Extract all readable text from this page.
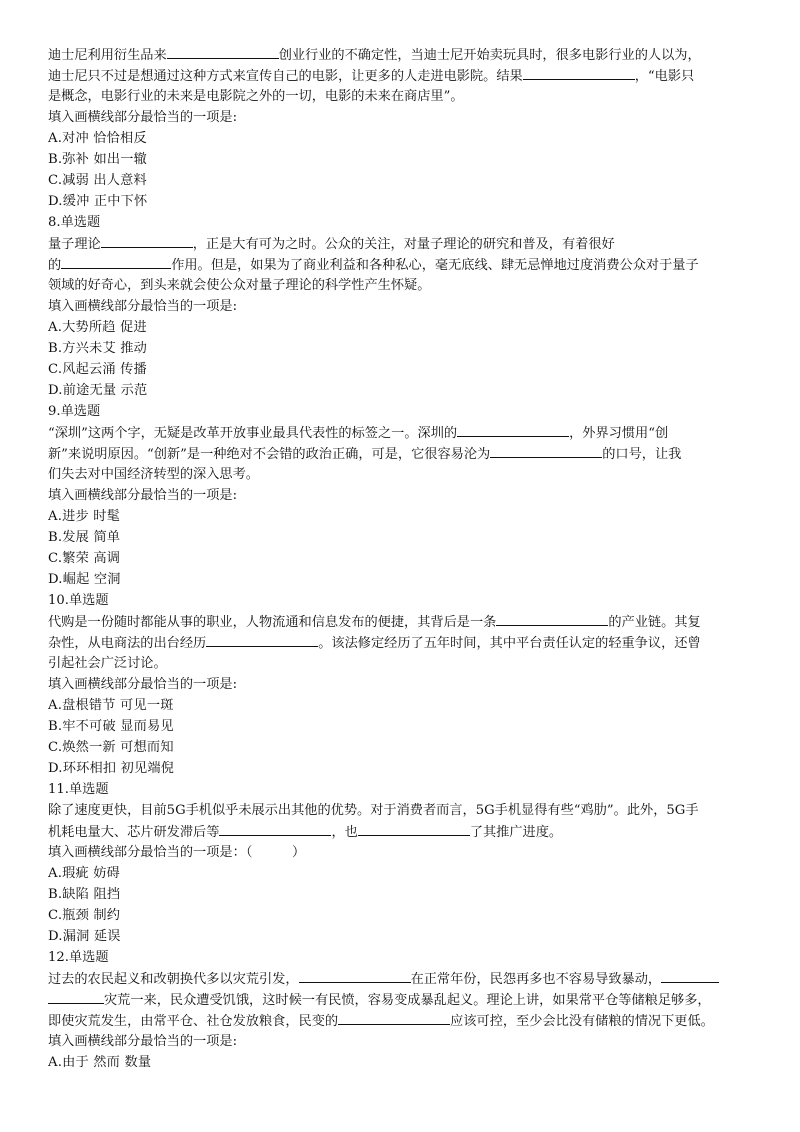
迪士尼利用衍生品来	创业行业的不确定性，当迪士尼开始卖玩具时，很多电影行业的人以为，
迪士尼只不过是想通过这种方式来宣传自己的电影，让更多的人走进电影院。结果	，“电影只
是概念，电影行业的未来是电影院之外的一切，电影的未来在商店里”。
填入画横线部分最恰当的一项是:
A.对冲 恰恰相反
B.弥补 如出一辙
C.减弱 出人意料
D.缓冲 正中下怀
8.单选题
量子理论	，正是大有可为之时。公众的关注，对量子理论的研究和普及，有着很好
的	作用。但是，如果为了商业利益和各种私心，毫无底线、肆无忌惮地过度消费公众对于量子
领域的好奇心，到头来就会使公众对量子理论的科学性产生怀疑。
填入画横线部分最恰当的一项是:
A.大势所趋 促进
B.方兴未艾 推动
C.风起云涌 传播
D.前途无量 示范
9.单选题
“深圳”这两个字，无疑是改革开放事业最具代表性的标签之一。深圳的	，外界习惯用“创
新”来说明原因。“创新”是一种绝对不会错的政治正确，可是，它很容易沦为	的口号，让我
们失去对中国经济转型的深入思考。
填入画横线部分最恰当的一项是:
A.进步 时髦
B.发展 简单
C.繁荣 高调
D.崛起 空洞
10.单选题
代购是一份随时都能从事的职业，人物流通和信息发布的便捷，其背后是一条	的产业链。其复
杂性，从电商法的出台经历	。该法修定经历了五年时间，其中平台责任认定的轻重争议，还曾
引起社会广泛讨论。
填入画横线部分最恰当的一项是:
A.盘根错节 可见一斑
B.牢不可破 显而易见
C.焕然一新 可想而知
D.环环相扣 初见端倪
11.单选题
除了速度更快，目前5G手机似乎未展示出其他的优势。对于消费者而言，5G手机显得有些“鸡肋”。此外，5G手
机耗电量大、芯片研发滞后等	，也	了其推广进度。
填入画横线部分最恰当的一项是：（　　　）
A.瑕疵 妨碍
B.缺陷 阻挡
C.瓶颈 制约
D.漏洞 延误
12.单选题
过去的农民起义和改朝换代多以灾荒引发，	在正常年份，民怨再多也不容易导致暴动，
灾荒一来，民众遭受饥饿，这时候一有民愤，容易变成暴乱起义。理论上讲，如果常平仓等储粮足够多，
即使灾荒发生，由常平仓、社仓发放粮食，民变的	应该可控，至少会比没有储粮的情况下更低。
填入画横线部分最恰当的一项是:
A.由于 然而 数量
